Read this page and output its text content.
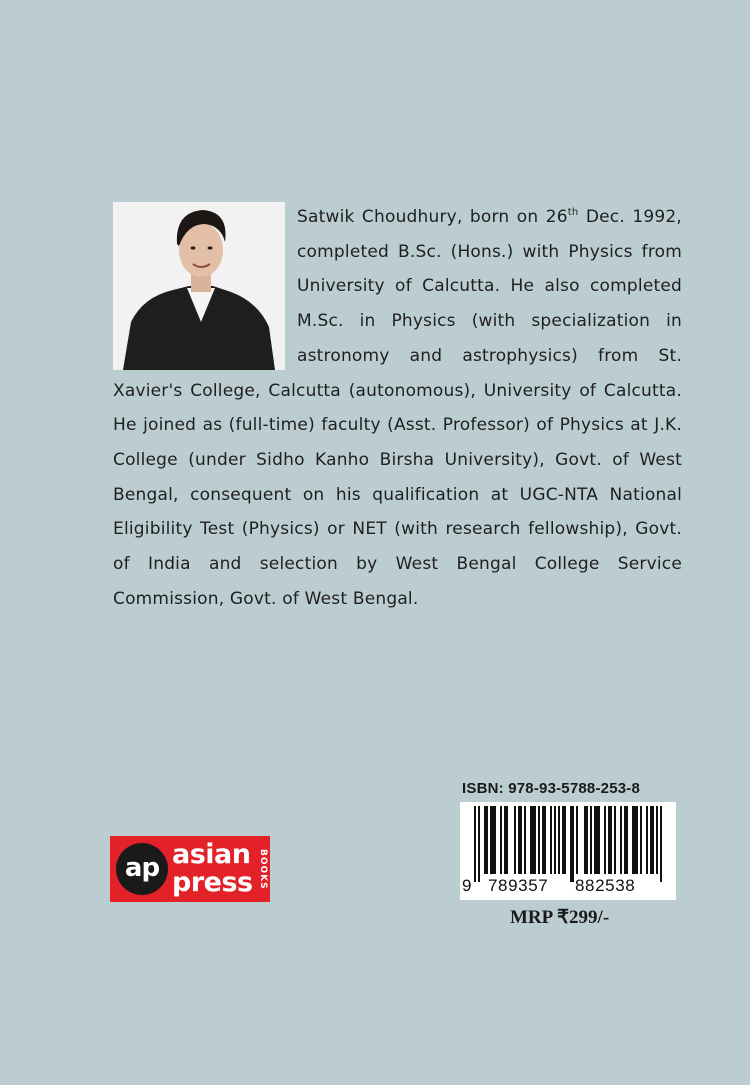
Satwik Choudhury, born on 26th Dec. 1992, completed B.Sc. (Hons.) with Physics from University of Calcutta. He also completed M.Sc. in Physics (with specialization in astronomy and astrophysics) from St. Xavier's College, Calcutta (autonomous), University of Calcutta. He joined as (full-time) faculty (Asst. Professor) of Physics at J.K. College (under Sidho Kanho Birsha University), Govt. of West Bengal, consequent on his qualification at UGC-NTA National Eligibility Test (Physics) or NET (with research fellowship), Govt. of India and selection by West Bengal College Service Commission, Govt. of West Bengal.
ap asian
press BOOKS
ISBN: 978-93-5788-253-8
9 789357 882538
MRP ₹299/-
